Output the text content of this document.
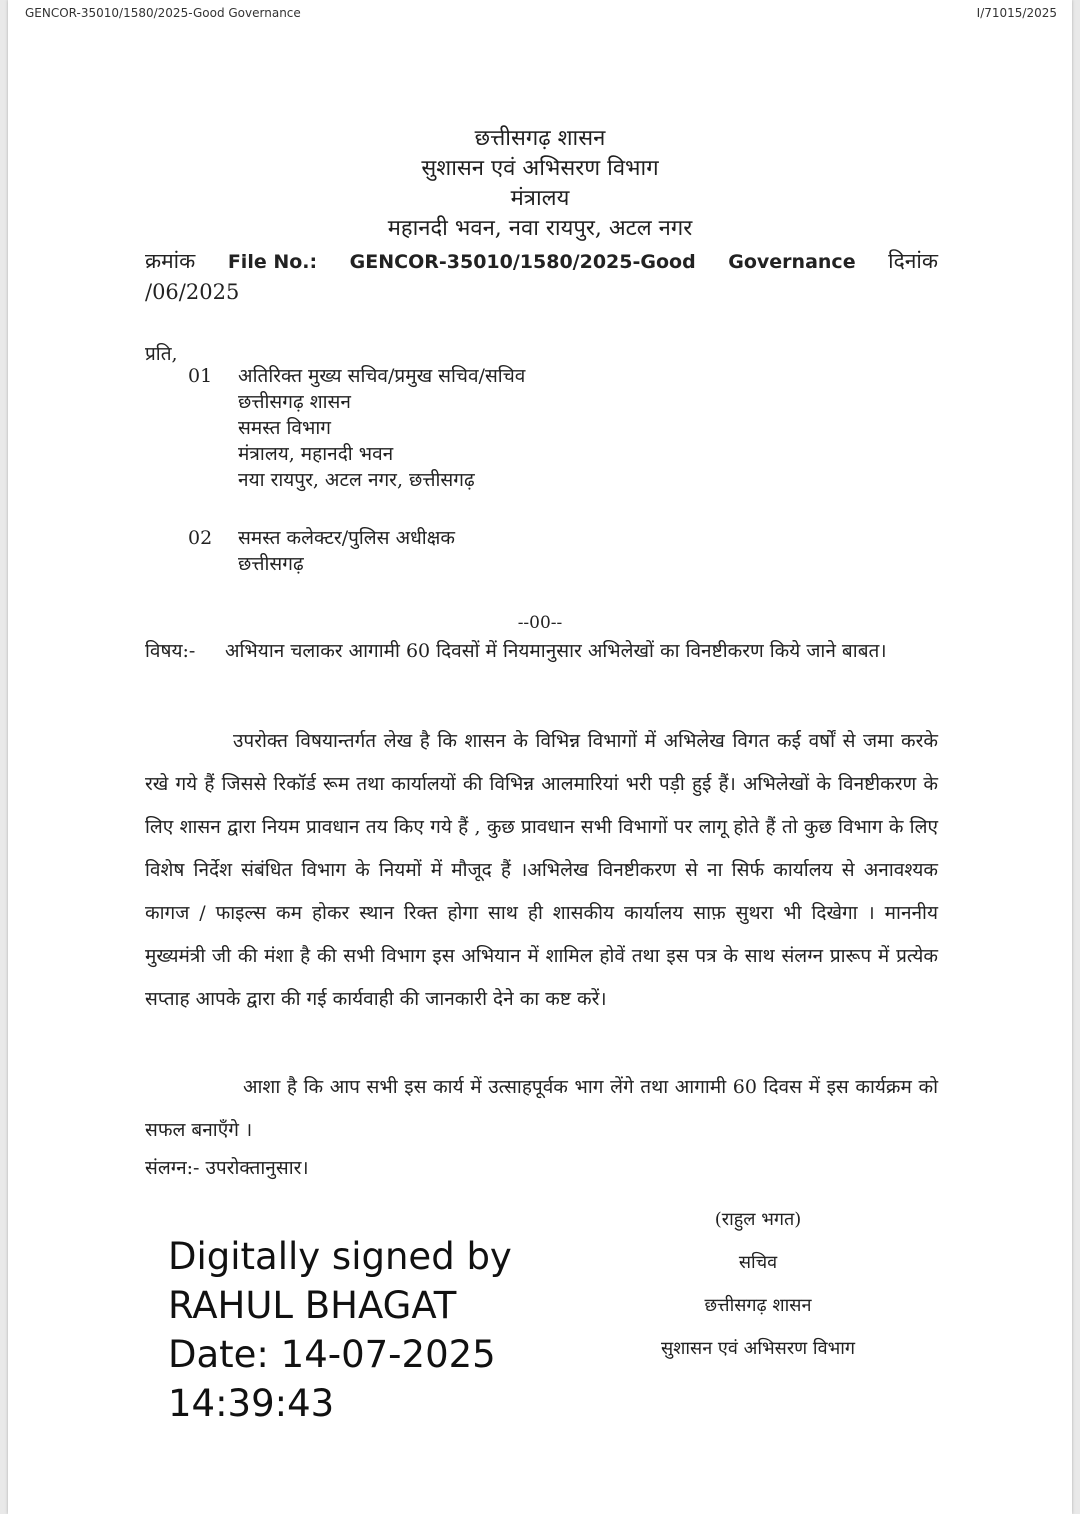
GENCOR-35010/1580/2025-Good Governance	I/71015/2025
छत्तीसगढ़ शासन
सुशासन एवं अभिसरण विभाग
मंत्रालय
महानदी भवन, नवा रायपुर, अटल नगर
क्रमांक File No.: GENCOR-35010/1580/2025-Good Governance दिनांक
/06/2025
प्रति,
01 अतिरिक्त मुख्य सचिव/प्रमुख सचिव/सचिव
छत्तीसगढ़ शासन
समस्त विभाग
मंत्रालय, महानदी भवन
नया रायपुर, अटल नगर, छत्तीसगढ़
02 समस्त कलेक्टर/पुलिस अधीक्षक
छत्तीसगढ़
--00--
विषय:- अभियान चलाकर आगामी 60 दिवसों में नियमानुसार अभिलेखों का विनष्टीकरण किये जाने बाबत।
उपरोक्त विषयान्तर्गत लेख है कि शासन के विभिन्न विभागों में अभिलेख विगत कई वर्षों से जमा करके रखे गये हैं जिससे रिकॉर्ड रूम तथा कार्यालयों की विभिन्न आलमारियां भरी पड़ी हुई हैं। अभिलेखों के विनष्टीकरण के लिए शासन द्वारा नियम प्रावधान तय किए गये हैं , कुछ प्रावधान सभी विभागों पर लागू होते हैं तो कुछ विभाग के लिए विशेष निर्देश संबंधित विभाग के नियमों में मौजूद हैं ।अभिलेख विनष्टीकरण से ना सिर्फ कार्यालय से अनावश्यक कागज / फाइल्स कम होकर स्थान रिक्त होगा साथ ही शासकीय कार्यालय साफ़ सुथरा भी दिखेगा । माननीय मुख्यमंत्री जी की मंशा है की सभी विभाग इस अभियान में शामिल होवें तथा इस पत्र के साथ संलग्न प्रारूप में प्रत्येक सप्ताह आपके द्वारा की गई कार्यवाही की जानकारी देने का कष्ट करें।
आशा है कि आप सभी इस कार्य में उत्साहपूर्वक भाग लेंगे तथा आगामी 60 दिवस में इस कार्यक्रम को सफल बनाएँगे ।
संलग्न:- उपरोक्तानुसार।
(राहुल भगत)
सचिव
छत्तीसगढ़ शासन
सुशासन एवं अभिसरण विभाग
Digitally signed by
RAHUL BHAGAT
Date: 14-07-2025
14:39:43
